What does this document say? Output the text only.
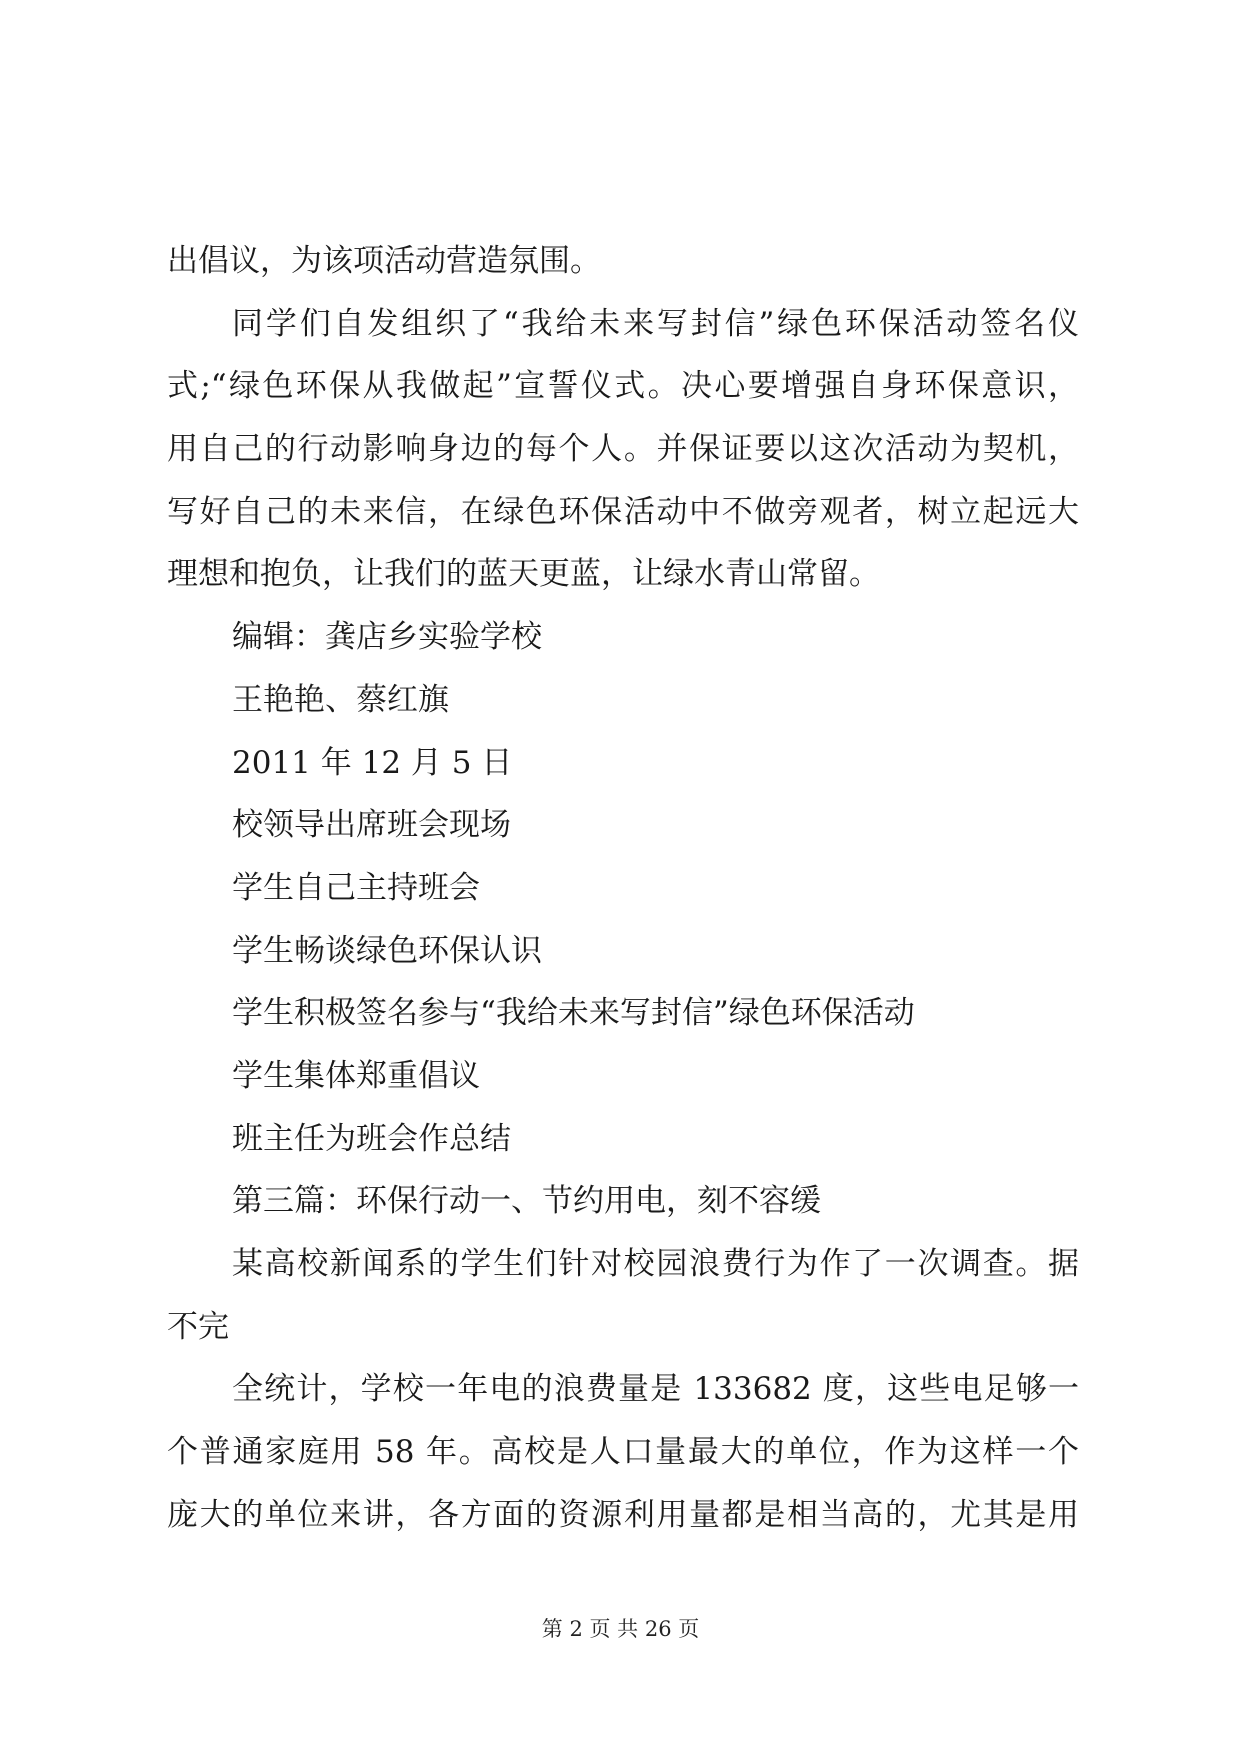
出倡议，为该项活动营造氛围。
同学们自发组织了“我给未来写封信”绿色环保活动签名仪
式;“绿色环保从我做起”宣誓仪式。决心要增强自身环保意识，
用自己的行动影响身边的每个人。并保证要以这次活动为契机，
写好自己的未来信，在绿色环保活动中不做旁观者，树立起远大
理想和抱负，让我们的蓝天更蓝，让绿水青山常留。
编辑：龚店乡实验学校
王艳艳、蔡红旗
2011 年 12 月 5 日
校领导出席班会现场
学生自己主持班会
学生畅谈绿色环保认识
学生积极签名参与“我给未来写封信”绿色环保活动
学生集体郑重倡议
班主任为班会作总结
第三篇：环保行动一、节约用电，刻不容缓
某高校新闻系的学生们针对校园浪费行为作了一次调查。据
不完
全统计，学校一年电的浪费量是 133682 度，这些电足够一
个普通家庭用 58 年。高校是人口量最大的单位，作为这样一个
庞大的单位来讲，各方面的资源利用量都是相当高的，尤其是用
第 2 页 共 26 页
